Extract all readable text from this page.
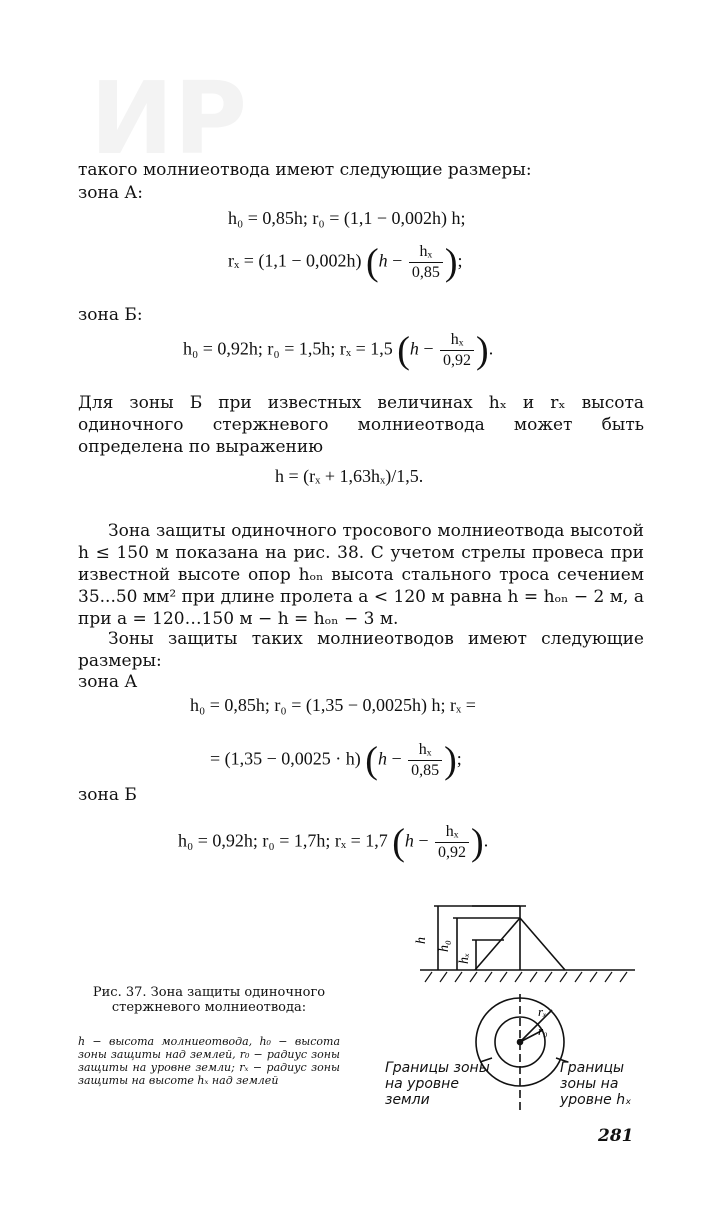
ИР
такого молниеотвода имеют следующие размеры:
зона А:
h₀ = 0,85h; r₀ = (1,1 − 0,002h) h;
rₓ = (1,1 − 0,002h) ($h - \frac{\text{hₓ}}{0,85}$ );
зона Б:
h₀ = 0,92h; r₀ = 1,5h; rₓ = 1,5 ($h - \frac{\text{hₓ}}{0,92}$ ).
Для зоны Б при известных величинах hₓ и rₓ высота одиночного стержневого молниеотвода может быть определена по выражению
h = (rₓ + 1,63hₓ)/1,5.
Зона защиты одиночного тросового молниеотвода высотой h ≤ 150 м показана на рис. 38. С учетом стрелы провеса при известной высоте опор hₒₙ высота стального троса сечением 35...50 мм² при длине пролета a < 120 м равна h = hₒₙ − 2 м, а при a = 120…150 м − h = hₒₙ − 3 м.
Зоны защиты таких молниеотводов имеют следующие размеры:
зона А
h₀ = 0,85h; r₀ = (1,35 − 0,0025h) h; rₓ =
= (1,35 − 0,0025 · h) ($h - \frac{\text{hₓ}}{0,85}$ );
зона Б
h₀ = 0,92h; r₀ = 1,7h; rₓ = 1,7 ($h - \frac{\text{hₓ}}{0,92}$ ).
Рис. 37. Зона защиты одиночного стержневого молниеотвода:
h − высота молниеотвода, h₀ − высота зоны защиты над землей, r₀ − радиус зоны защиты на уровне земли; rₓ − радиус зоны защиты на высоте hₓ над землей
h h₀
hₓ
rₓ
r₀
Границы зоны на уровне земли
Границы зоны на уровне hₓ
281
